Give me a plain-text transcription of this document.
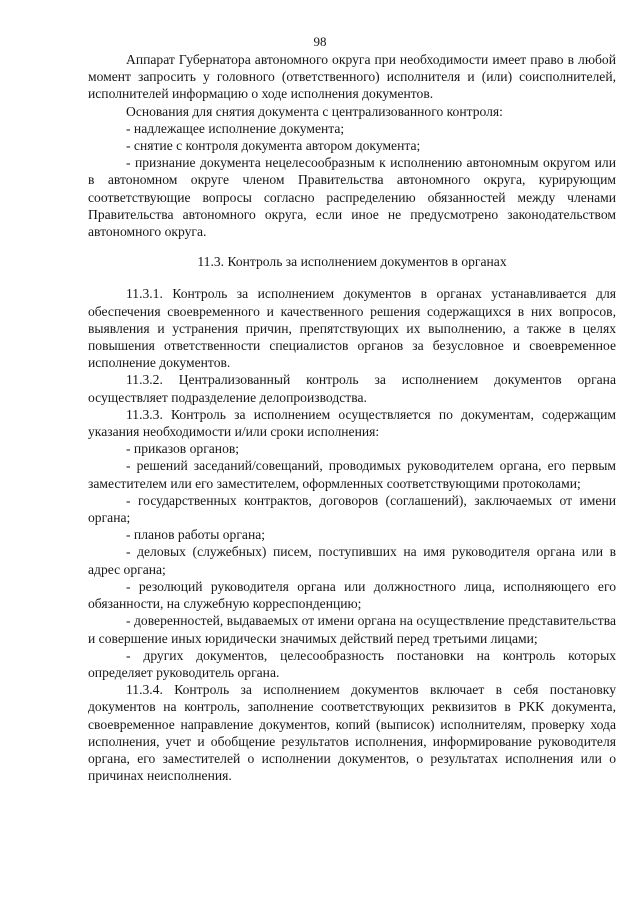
98

Аппарат Губернатора автономного округа при необходимости имеет право в любой момент запросить у головного (ответственного) исполнителя и (или) соисполнителей, исполнителей информацию о ходе исполнения документов.

Основания для снятия документа с централизованного контроля:

- надлежащее исполнение документа;

- снятие с контроля документа автором документа;

- признание документа нецелесообразным к исполнению автономным округом или в автономном округе членом Правительства автономного округа, курирующим соответствующие вопросы согласно распределению обязанностей между членами Правительства автономного округа, если иное не предусмотрено законодательством автономного округа.

11.3. Контроль за исполнением документов в органах

11.3.1. Контроль за исполнением документов в органах устанавливается для обеспечения своевременного и качественного решения содержащихся в них вопросов, выявления и устранения причин, препятствующих их выполнению, а также в целях повышения ответственности специалистов органов за безусловное и своевременное исполнение документов.

11.3.2. Централизованный контроль за исполнением документов органа осуществляет подразделение делопроизводства.

11.3.3. Контроль за исполнением осуществляется по документам, содержащим указания необходимости и/или сроки исполнения:

- приказов органов;

- решений заседаний/совещаний, проводимых руководителем органа, его первым заместителем или его заместителем, оформленных соответствующими протоколами;

- государственных контрактов, договоров (соглашений), заключаемых от имени органа;

- планов работы органа;

- деловых (служебных) писем, поступивших на имя руководителя органа или в адрес органа;

- резолюций руководителя органа или должностного лица, исполняющего его обязанности, на служебную корреспонденцию;

- доверенностей, выдаваемых от имени органа на осуществление представительства и совершение иных юридически значимых действий перед третьими лицами;

- других документов, целесообразность постановки на контроль которых определяет руководитель органа.

11.3.4. Контроль за исполнением документов включает в себя постановку документов на контроль, заполнение соответствующих реквизитов в РКК документа, своевременное направление документов, копий (выписок) исполнителям, проверку хода исполнения, учет и обобщение результатов исполнения, информирование руководителя органа, его заместителей о исполнении документов, о результатах исполнения или о причинах неисполнения.
